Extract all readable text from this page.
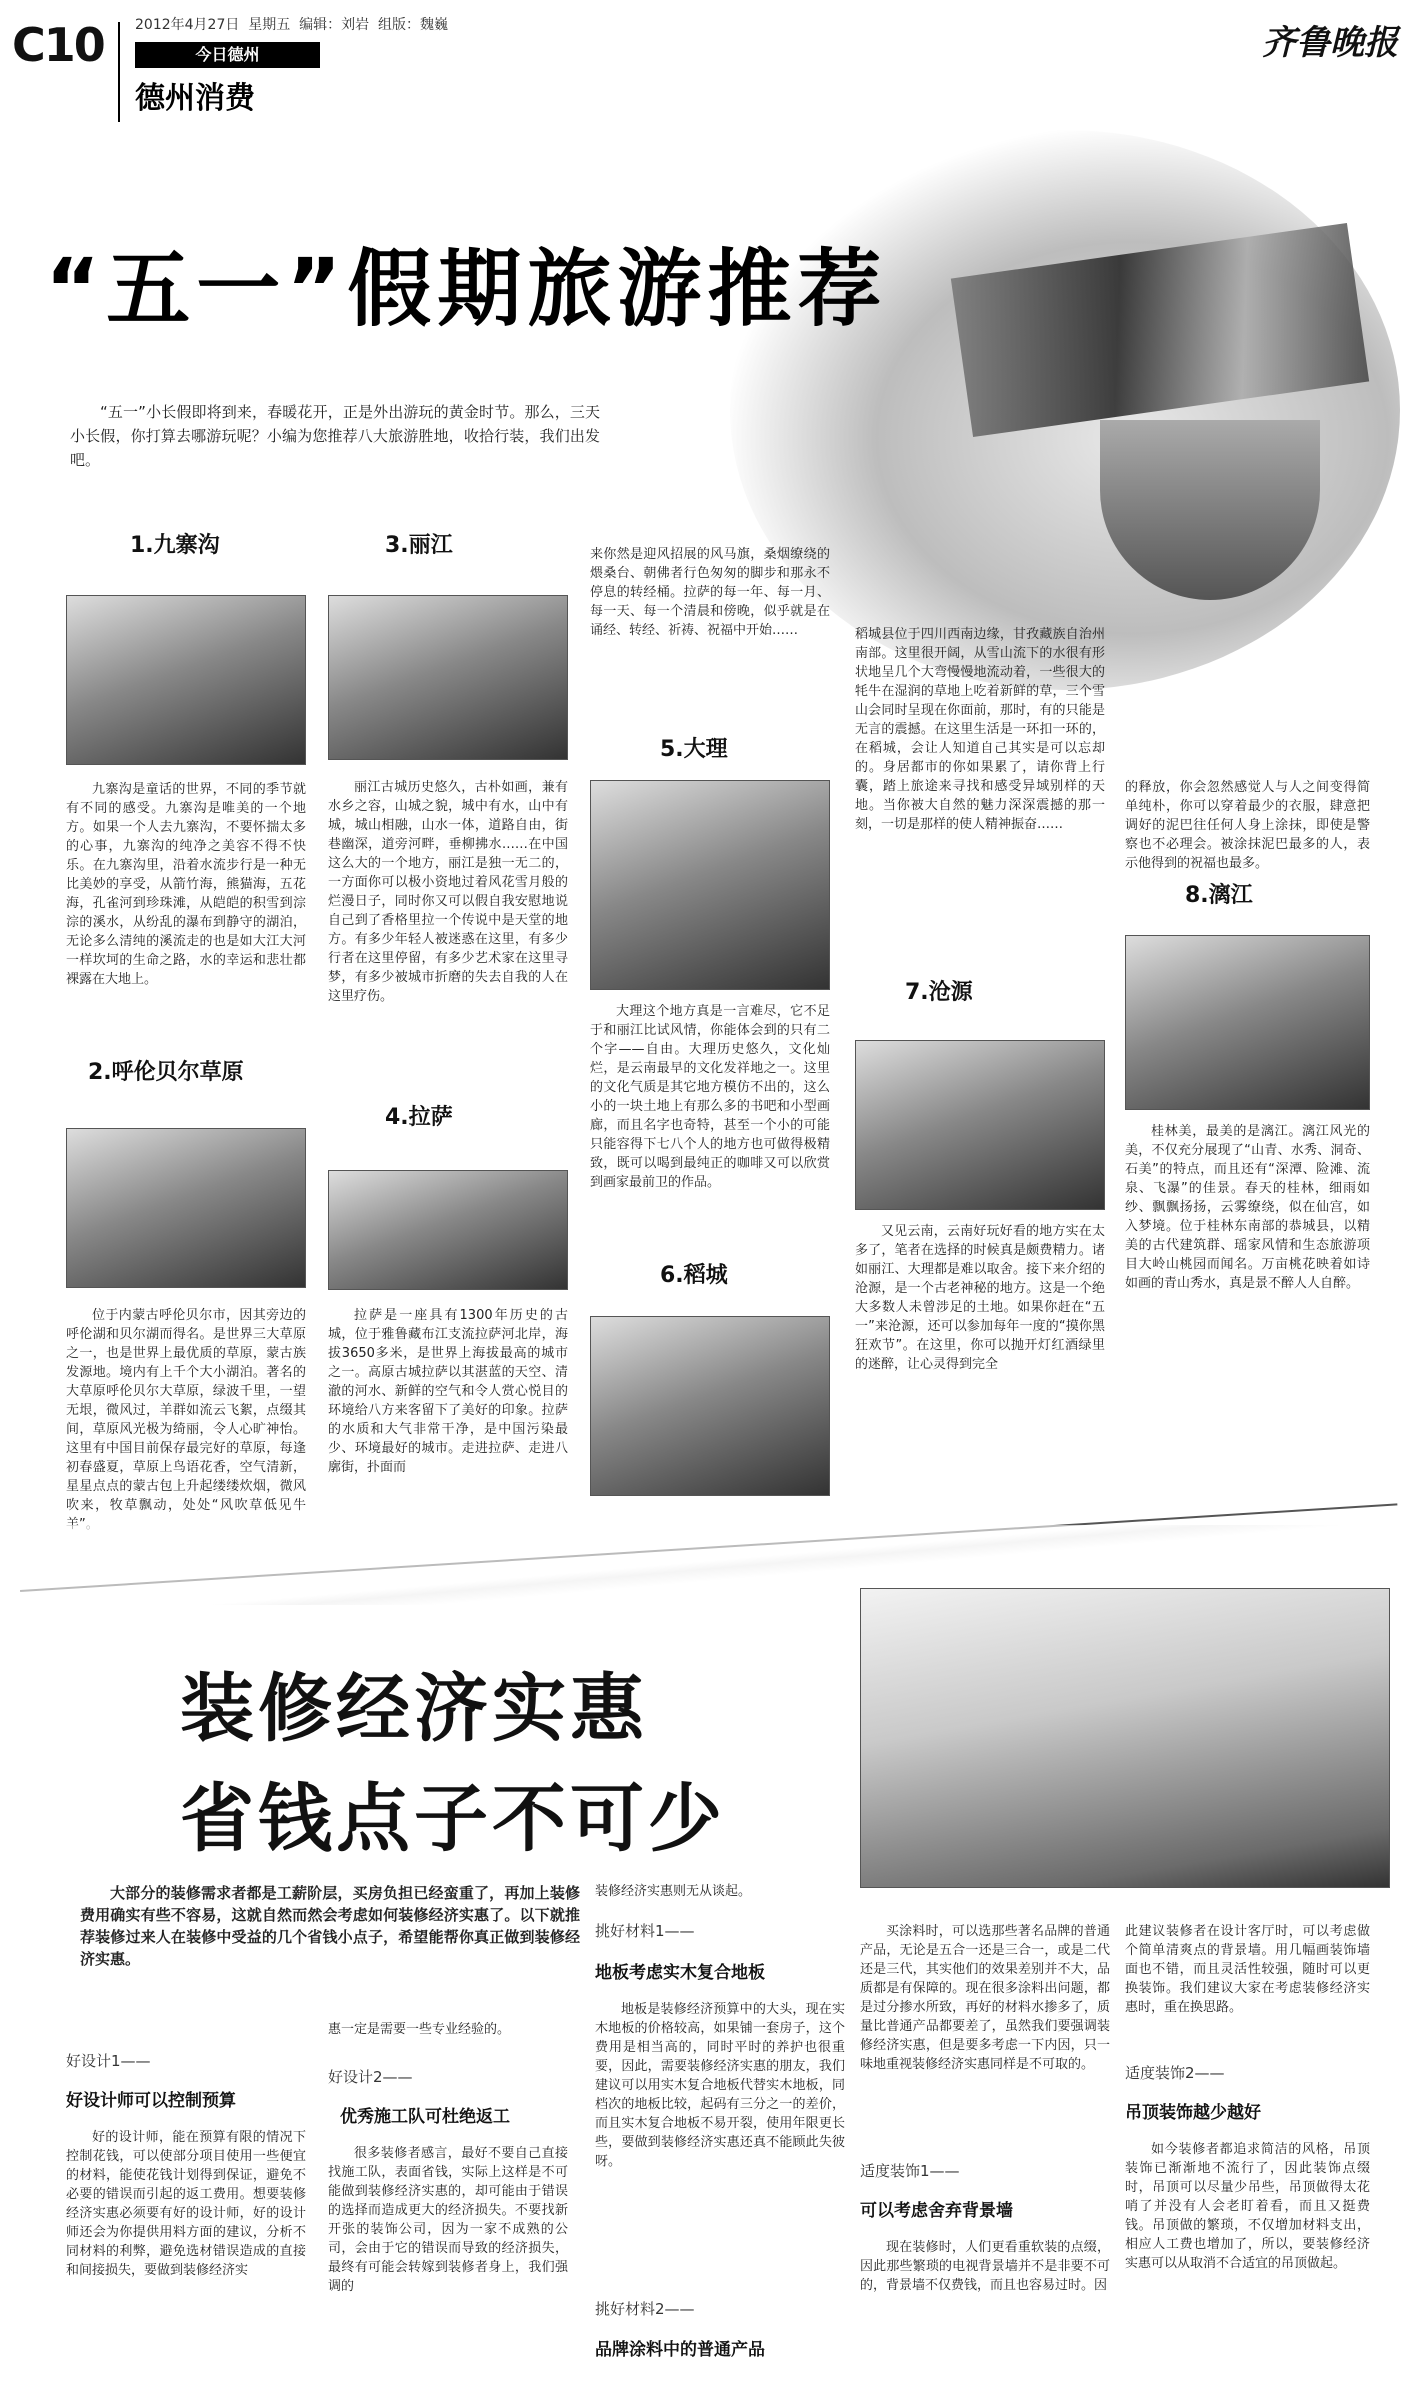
C10 2012年4月27日  星期五  编辑：刘岩  组版：魏巍
今日德州
德州消费
齐鲁晚报
“五一”假期旅游推荐
“五一”小长假即将到来，春暖花开，正是外出游玩的黄金时节。那么，三天小长假，你打算去哪游玩呢？小编为您推荐八大旅游胜地，收拾行装，我们出发吧。
1.九寨沟

九寨沟是童话的世界，不同的季节就有不同的感受。九寨沟是唯美的一个地方。如果一个人去九寨沟，不要怀揣太多的心事，九寨沟的纯净之美容不得不快乐。在九寨沟里，沿着水流步行是一种无比美妙的享受，从箭竹海，熊猫海，五花海，孔雀河到珍珠滩，从皑皑的积雪到淙淙的溪水，从纷乱的瀑布到静守的湖泊，无论多么清纯的溪流走的也是如大江大河一样坎坷的生命之路，水的幸运和悲壮都裸露在大地上。

2.呼伦贝尔草原

位于内蒙古呼伦贝尔市，因其旁边的呼伦湖和贝尔湖而得名。是世界三大草原之一，也是世界上最优质的草原，蒙古族发源地。境内有上千个大小湖泊。著名的大草原呼伦贝尔大草原，绿波千里，一望无垠，微风过，羊群如流云飞絮，点缀其间，草原风光极为绮丽，令人心旷神怡。这里有中国目前保存最完好的草原，每逢初春盛夏，草原上鸟语花香，空气清新，星星点点的蒙古包上升起缕缕炊烟，微风吹来，牧草飘动，处处“风吹草低见牛

3.丽江

丽江古城历史悠久，古朴如画，兼有水乡之容，山城之貌，城中有水，山中有城，城山相融，山水一体，道路自由，街巷幽深，道旁河畔，垂柳拂水……在中国这么大的一个地方，丽江是独一无二的，一方面你可以极小资地过着风花雪月般的烂漫日子，同时你又可以假自我安慰地说自己到了香格里拉一个传说中是天堂的地方。有多少年轻人被迷惑在这里，有多少行者在这里停留，有多少艺术家在这里寻梦，有多少被城市折磨的失去自我的人在这里疗伤。

4.拉萨

拉萨是一座具有1300年历史的古城，位于雅鲁藏布江支流拉萨河北岸，海拔3650多米，是世界上海拔最高的城市之一。高原古城拉萨以其湛蓝的天空、清澈的河水、新鲜的空气和令人赏心悦目的环境给八方来客留下了美好的印象。拉萨的水质和大气非常干净，是中国污染最少、环境最好的城市。走进拉萨、走进八廓街，扑面而

来你然是迎风招展的风马旗，桑烟缭绕的煨桑台、朝佛者行色匆匆的脚步和那永不停息的转经桶。拉萨的每一年、每一月、每一天、每一个清晨和傍晚，似乎就是在诵经、转经、祈祷、祝福中开始……
5.大理

大理这个地方真是一言难尽，它不足于和丽江比试风情，你能体会到的只有二个字——自由。大理历史悠久，文化灿烂，是云南最早的文化发祥地之一。这里的文化气质是其它地方模仿不出的，这么小的一块土地上有那么多的书吧和小型画廊，而且名字也奇特，甚至一个小的可能只能容得下七八个人的地方也可做得极精致，既可以喝到最纯正的咖啡又可以欣赏到画家最前卫的作品。

6.稻城
稻城县位于四川西南边缘，甘孜藏族自治州南部。这里很开阔，从雪山流下的水很有形状地呈几个大弯慢慢地流动着，一些很大的牦牛在湿润的草地上吃着新鲜的草，三个雪山会同时呈现在你面前，那时，有的只能是无言的震撼。在这里生活是一环扣一环的，在稻城，会让人知道自己其实是可以忘却的。身居都市的你如果累了，请你背上行囊，踏上旅途来寻找和感受异域别样的天地。当你被大自然的魅力深深震撼的那一刻，一切是那样的使人精神振奋……
7.沧源

又见云南，云南好玩好看的地方实在太多了，笔者在选择的时候真是颇费精力。诸如丽江、大理都是难以取舍。接下来介绍的沧源，是一个古老神秘的地方。这是一个绝大多数人未曾涉足的土地。如果你赶在“五一”来沧源，还可以参加每年一度的“摸你黑狂欢节”。在这里，你可以抛开灯红酒绿里的迷醉，让心灵得到完全

的释放，你会忽然感觉人与人之间变得简单纯朴，你可以穿着最少的衣服，肆意把调好的泥巴往任何人身上涂抹，即使是警察也不必理会。被涂抹泥巴最多的人，表示他得到的祝福也最多。
8.漓江

桂林美，最美的是漓江。漓江风光的美，不仅充分展现了“山青、水秀、洞奇、石美”的特点，而且还有“深潭、险滩、流泉、飞瀑”的佳景。春天的桂林，细雨如纱、飘飘扬扬，云雾缭绕，似在仙宫，如入梦境。位于桂林东南部的恭城县，以精美的古代建筑群、瑶家风情和生态旅游项目大岭山桃园而闻名。万亩桃花映着如诗如画的青山秀水，真是景不醉人人自醉。

装修经济实惠
省钱点子不可少
大部分的装修需求者都是工薪阶层，买房负担已经蛮重了，再加上装修费用确实有些不容易，这就自然而然会考虑如何装修经济实惠了。以下就推荐装修过来人在装修中受益的几个省钱小点子，希望能帮你真正做到装修经济实惠。
好设计1——
好设计师可以控制预算

好的设计师，能在预算有限的情况下控制花钱，可以使部分项目使用一些便宜的材料，能使花钱计划得到保证，避免不必要的错误而引起的返工费用。想要装修经济实惠必须要有好的设计师，好的设计师还会为你提供用料方面的建议，分析不同材料的利弊，避免选材错误造成的直接和间接损失，要做到装修经济实

惠一定是需要一些专业经验的。
好设计2——
优秀施工队可杜绝返工

很多装修者感言，最好不要自己直接找施工队，表面省钱，实际上这样是不可能做到装修经济实惠的，却可能由于错误的选择而造成更大的经济损失。不要找新开张的装饰公司，因为一家不成熟的公司，会由于它的错误而导致的经济损失，最终有可能会转嫁到装修者身上，我们强调的

装修经济实惠则无从谈起。
挑好材料1——
地板考虑实木复合地板

地板是装修经济预算中的大头，现在实木地板的价格较高，如果铺一套房子，这个费用是相当高的，同时平时的养护也很重要，因此，需要装修经济实惠的朋友，我们建议可以用实木复合地板代替实木地板，同档次的地板比较，起码有三分之一的差价，而且实木复合地板不易开裂，使用年限更长些，要做到装修经济实惠还真不能顾此失彼呀。

挑好材料2——
品牌涂料中的普通产品

买涂料时，可以选那些著名品牌的普通产品，无论是五合一还是三合一，或是二代还是三代，其实他们的效果差别并不大，品质都是有保障的。现在很多涂料出问题，都是过分掺水所致，再好的材料水掺多了，质量比普通产品都要差了，虽然我们要强调装修经济实惠，但是要多考虑一下内因，只一味地重视装修经济实惠同样是不可取的。

适度装饰1——
可以考虑舍弃背景墙

现在装修时，人们更看重软装的点缀，因此那些繁琐的电视背景墙并不是非要不可的，背景墙不仅费钱，而且也容易过时。因

此建议装修者在设计客厅时，可以考虑做个简单清爽点的背景墙。用几幅画装饰墙面也不错，而且灵活性较强，随时可以更换装饰。我们建议大家在考虑装修经济实惠时，重在换思路。
适度装饰2——
吊顶装饰越少越好

如今装修者都追求简洁的风格，吊顶装饰已渐渐地不流行了，因此装饰点缀时，吊顶可以尽量少吊些，吊顶做得太花哨了并没有人会老盯着看，而且又挺费钱。吊顶做的繁琐，不仅增加材料支出，相应人工费也增加了，所以，要装修经济实惠可以从取消不合适宜的吊顶做起。
